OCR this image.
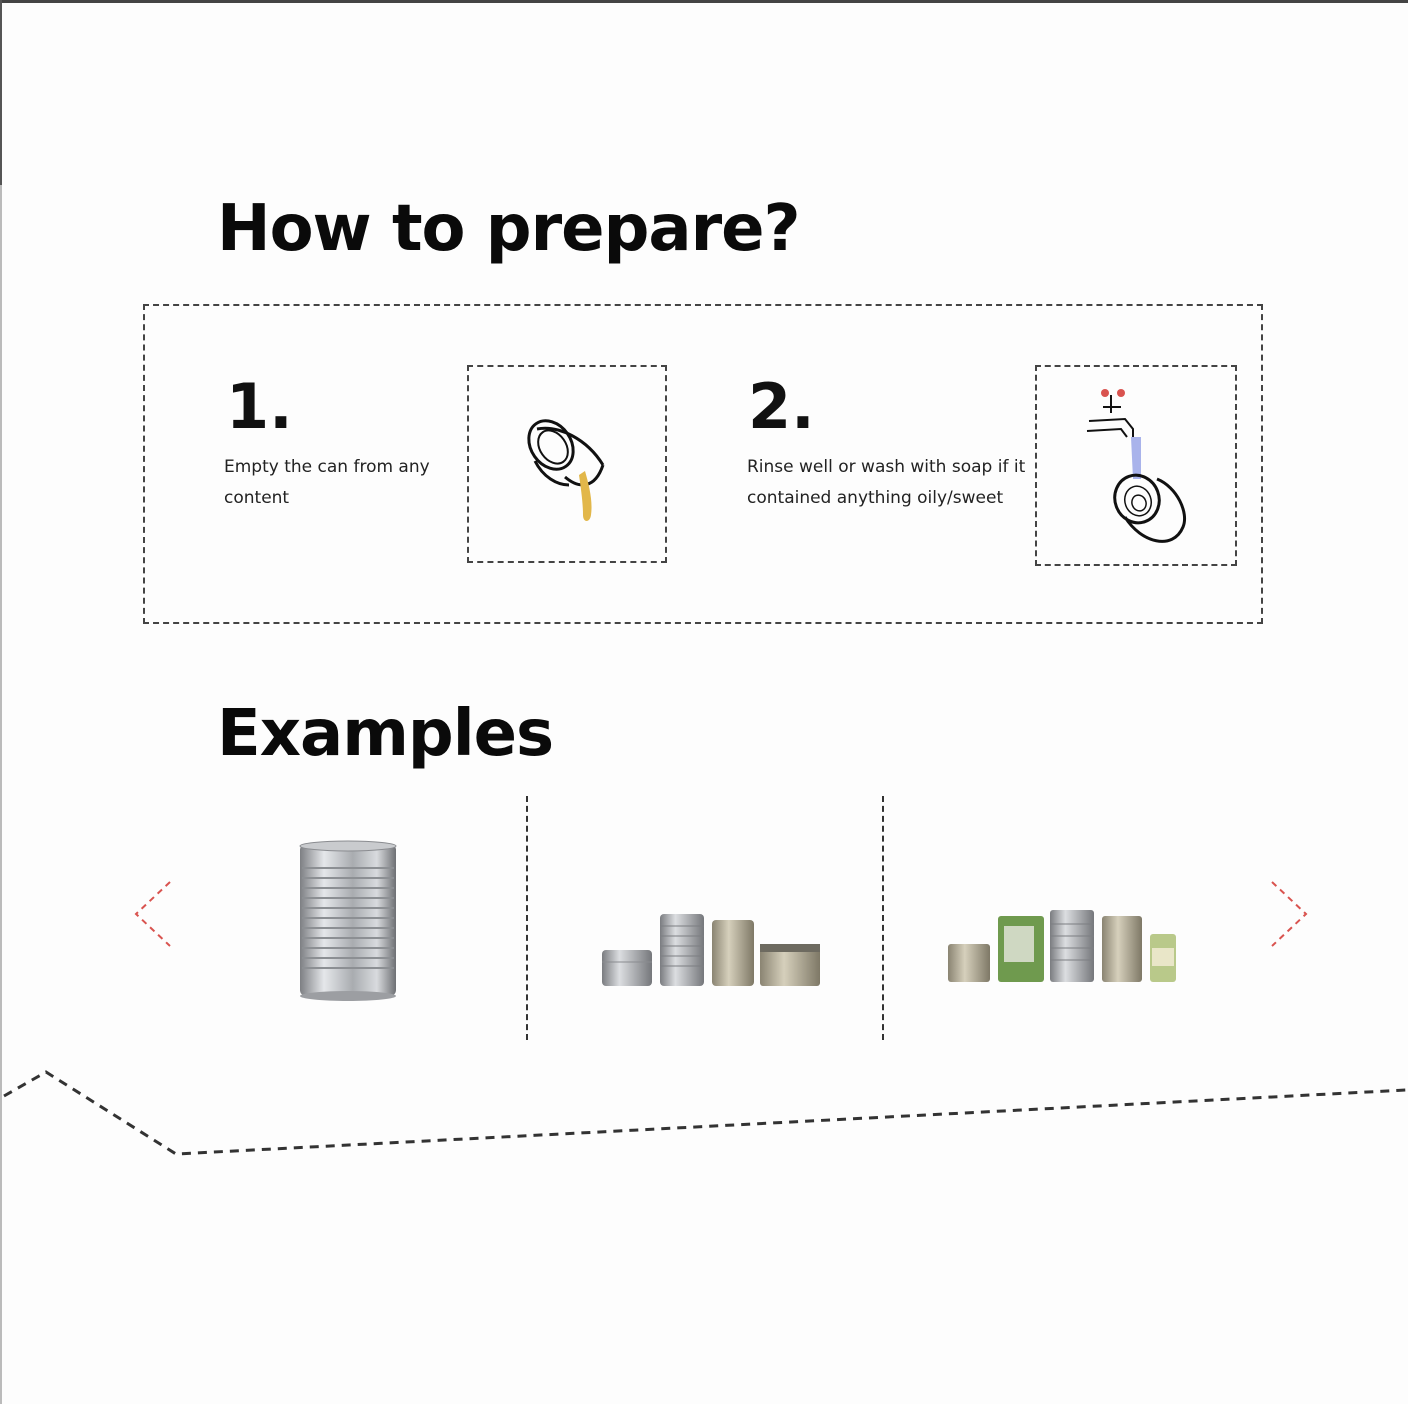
How to prepare?
1.
Empty the can from any
content
2.
Rinse well or wash with soap if it
contained anything oily/sweet
Examples
